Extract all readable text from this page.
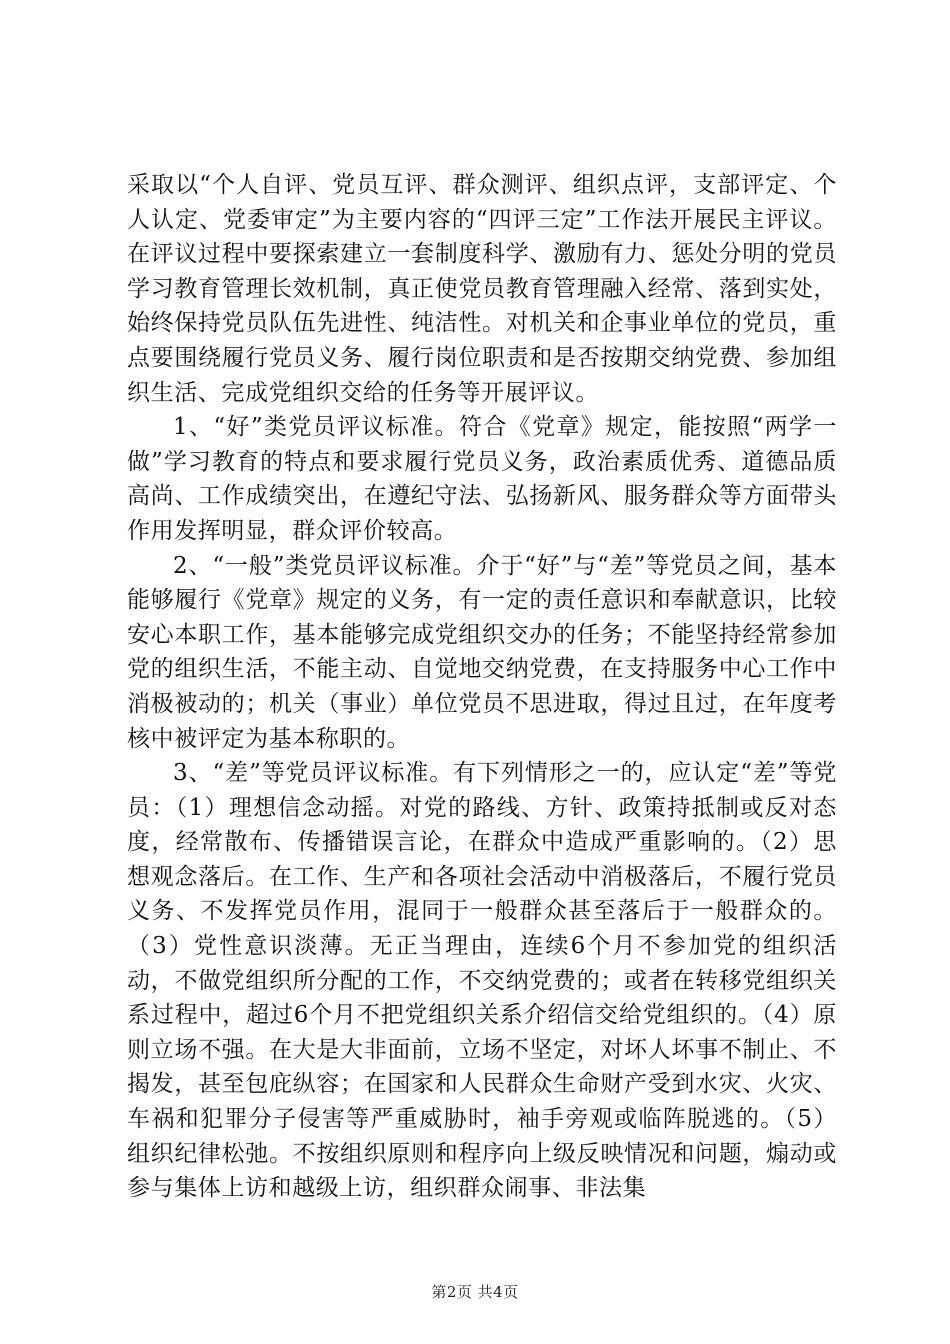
采取以“个人自评、党员互评、群众测评、组织点评，支部评定、个人认定、党委审定”为主要内容的“四评三定”工作法开展民主评议。在评议过程中要探索建立一套制度科学、激励有力、惩处分明的党员学习教育管理长效机制，真正使党员教育管理融入经常、落到实处，始终保持党员队伍先进性、纯洁性。对机关和企事业单位的党员，重点要围绕履行党员义务、履行岗位职责和是否按期交纳党费、参加组织生活、完成党组织交给的任务等开展评议。

1、“好”类党员评议标准。符合《党章》规定，能按照“两学一做”学习教育的特点和要求履行党员义务，政治素质优秀、道德品质高尚、工作成绩突出，在遵纪守法、弘扬新风、服务群众等方面带头作用发挥明显，群众评价较高。

2、“一般”类党员评议标准。介于“好”与“差”等党员之间，基本能够履行《党章》规定的义务，有一定的责任意识和奉献意识，比较安心本职工作，基本能够完成党组织交办的任务；不能坚持经常参加党的组织生活，不能主动、自觉地交纳党费，在支持服务中心工作中消极被动的；机关（事业）单位党员不思进取，得过且过，在年度考核中被评定为基本称职的。

3、“差”等党员评议标准。有下列情形之一的，应认定“差”等党员：（1）理想信念动摇。对党的路线、方针、政策持抵制或反对态度，经常散布、传播错误言论，在群众中造成严重影响的。（2）思想观念落后。在工作、生产和各项社会活动中消极落后，不履行党员义务、不发挥党员作用，混同于一般群众甚至落后于一般群众的。（3）党性意识淡薄。无正当理由，连续6个月不参加党的组织活动，不做党组织所分配的工作，不交纳党费的；或者在转移党组织关系过程中，超过6个月不把党组织关系介绍信交给党组织的。（4）原则立场不强。在大是大非面前，立场不坚定，对坏人坏事不制止、不揭发，甚至包庇纵容；在国家和人民群众生命财产受到水灾、火灾、车祸和犯罪分子侵害等严重威胁时，袖手旁观或临阵脱逃的。（5）组织纪律松弛。不按组织原则和程序向上级反映情况和问题，煽动或参与集体上访和越级上访，组织群众闹事、非法集

第2页 共4页
